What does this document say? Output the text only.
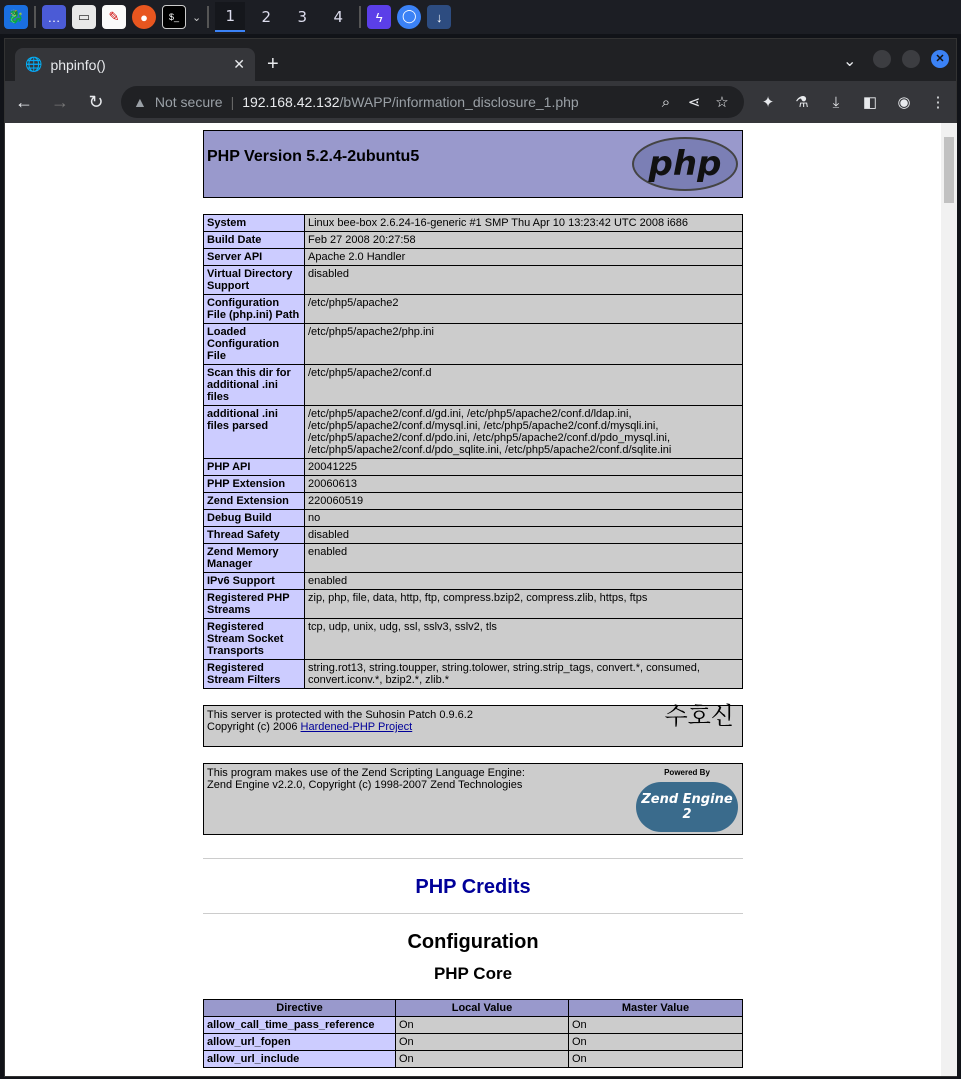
🐉	…	▭	✎	●	$_	⌄	1	2	3	4	ϟ	◯	↓
🌐 phpinfo()	✕ +	⌄	✕
← → ↻ ▲ Not secure | 192.168.42.132/bWAPP/information_disclosure_1.php	⌕	⋖ ☆ ✦ ⚗	⤓	◧ ◉ ⋮
PHP Version 5.2.4-2ubuntu5	php
System	Linux bee-box 2.6.24-16-generic #1 SMP Thu Apr 10 13:23:42 UTC 2008 i686
Build Date	Feb 27 2008 20:27:58
Server API	Apache 2.0 Handler
Virtual Directory Support	disabled
Configuration File (php.ini) Path	/etc/php5/apache2
Loaded Configuration File	/etc/php5/apache2/php.ini
Scan this dir for additional .ini files	/etc/php5/apache2/conf.d
additional .ini files parsed	/etc/php5/apache2/conf.d/gd.ini, /etc/php5/apache2/conf.d/ldap.ini, /etc/php5/apache2/conf.d/mysql.ini, /etc/php5/apache2/conf.d/mysqli.ini, /etc/php5/apache2/conf.d/pdo.ini, /etc/php5/apache2/conf.d/pdo_mysql.ini, /etc/php5/apache2/conf.d/pdo_sqlite.ini, /etc/php5/apache2/conf.d/sqlite.ini
PHP API	20041225
PHP Extension	20060613
Zend Extension	220060519
Debug Build	no
Thread Safety	disabled
Zend Memory Manager	enabled
IPv6 Support	enabled
Registered PHP Streams	zip, php, file, data, http, ftp, compress.bzip2, compress.zlib, https, ftps
Registered Stream Socket Transports	tcp, udp, unix, udg, ssl, sslv3, sslv2, tls
Registered Stream Filters	string.rot13, string.toupper, string.tolower, string.strip_tags, convert.*, consumed, convert.iconv.*, bzip2.*, zlib.*
This server is protected with the Suhosin Patch 0.9.6.2
Copyright (c) 2006 Hardened-PHP Project	수호신
This program makes use of the Zend Scripting Language Engine:
Zend Engine v2.2.0, Copyright (c) 1998-2007 Zend Technologies
Powered By
Zend Engine 2
PHP Credits
Configuration
PHP Core
Directive	Local Value	Master Value
allow_call_time_pass_reference	On	On
allow_url_fopen	On	On
allow_url_include	On	On
